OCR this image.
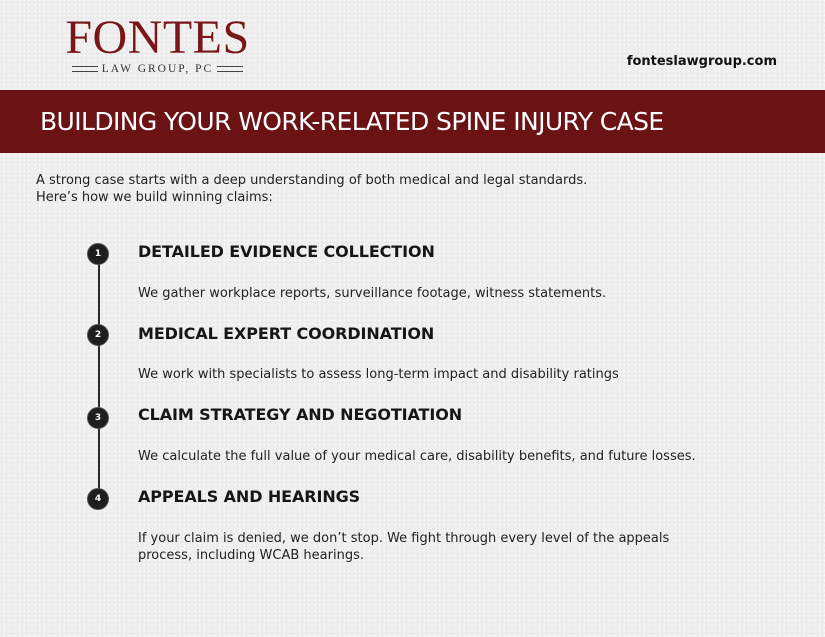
FONTES
LAW GROUP, PC	fonteslawgroup.com
BUILDING YOUR WORK-RELATED SPINE INJURY CASE

A strong case starts with a deep understanding of both medical and legal standards.

Here’s how we build winning claims:

1	DETAILED EVIDENCE COLLECTION
We gather workplace reports, surveillance footage, witness statements.
2	MEDICAL EXPERT COORDINATION
We work with specialists to assess long-term impact and disability ratings
3	CLAIM STRATEGY AND NEGOTIATION
We calculate the full value of your medical care, disability benefits, and future losses.
4	APPEALS AND HEARINGS
If your claim is denied, we don’t stop. We fight through every level of the appeals
process, including WCAB hearings.
